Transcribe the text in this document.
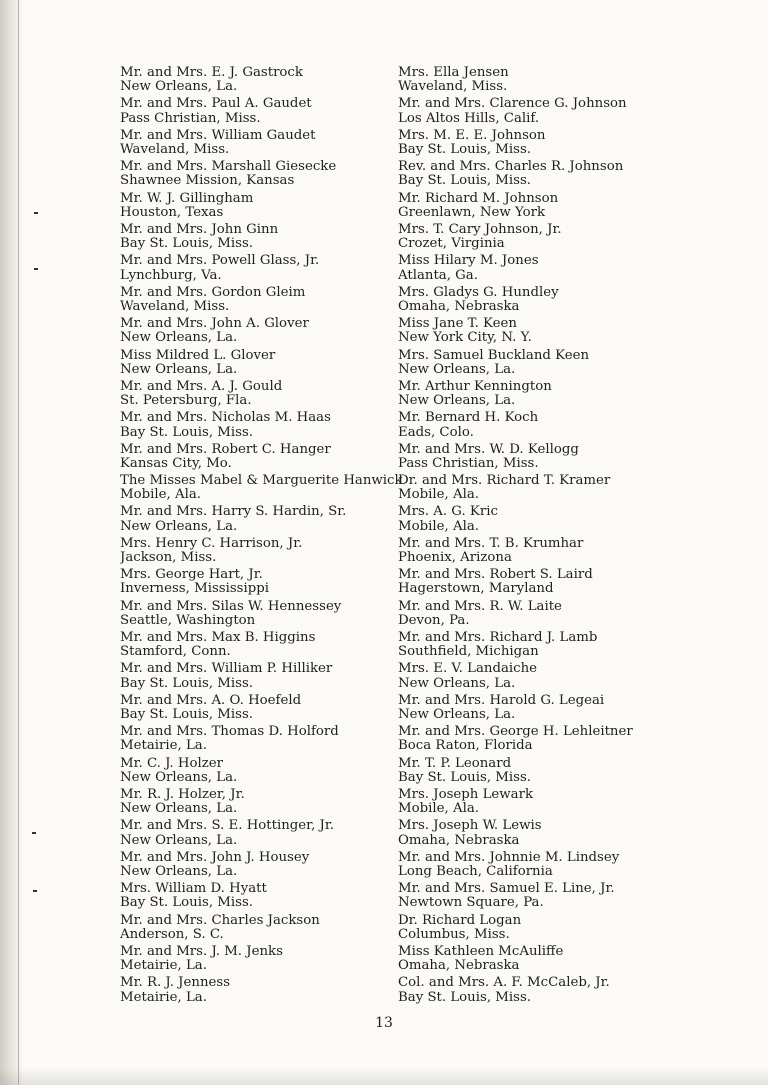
Mr. and Mrs. E. J. Gastrock
New Orleans, La.
Mr. and Mrs. Paul A. Gaudet
Pass Christian, Miss.
Mr. and Mrs. William Gaudet
Waveland, Miss.
Mr. and Mrs. Marshall Giesecke
Shawnee Mission, Kansas
Mr. W. J. Gillingham
Houston, Texas
Mr. and Mrs. John Ginn
Bay St. Louis, Miss.
Mr. and Mrs. Powell Glass, Jr.
Lynchburg, Va.
Mr. and Mrs. Gordon Gleim
Waveland, Miss.
Mr. and Mrs. John A. Glover
New Orleans, La.
Miss Mildred L. Glover
New Orleans, La.
Mr. and Mrs. A. J. Gould
St. Petersburg, Fla.
Mr. and Mrs. Nicholas M. Haas
Bay St. Louis, Miss.
Mr. and Mrs. Robert C. Hanger
Kansas City, Mo.
The Misses Mabel & Marguerite Hanwick
Mobile, Ala.
Mr. and Mrs. Harry S. Hardin, Sr.
New Orleans, La.
Mrs. Henry C. Harrison, Jr.
Jackson, Miss.
Mrs. George Hart, Jr.
Inverness, Mississippi
Mr. and Mrs. Silas W. Hennessey
Seattle, Washington
Mr. and Mrs. Max B. Higgins
Stamford, Conn.
Mr. and Mrs. William P. Hilliker
Bay St. Louis, Miss.
Mr. and Mrs. A. O. Hoefeld
Bay St. Louis, Miss.
Mr. and Mrs. Thomas D. Holford
Metairie, La.
Mr. C. J. Holzer
New Orleans, La.
Mr. R. J. Holzer, Jr.
New Orleans, La.
Mr. and Mrs. S. E. Hottinger, Jr.
New Orleans, La.
Mr. and Mrs. John J. Housey
New Orleans, La.
Mrs. William D. Hyatt
Bay St. Louis, Miss.
Mr. and Mrs. Charles Jackson
Anderson, S. C.
Mr. and Mrs. J. M. Jenks
Metairie, La.
Mr. R. J. Jenness
Metairie, La.
Mrs. Ella Jensen
Waveland, Miss.
Mr. and Mrs. Clarence G. Johnson
Los Altos Hills, Calif.
Mrs. M. E. E. Johnson
Bay St. Louis, Miss.
Rev. and Mrs. Charles R. Johnson
Bay St. Louis, Miss.
Mr. Richard M. Johnson
Greenlawn, New York
Mrs. T. Cary Johnson, Jr.
Crozet, Virginia
Miss Hilary M. Jones
Atlanta, Ga.
Mrs. Gladys G. Hundley
Omaha, Nebraska
Miss Jane T. Keen
New York City, N. Y.
Mrs. Samuel Buckland Keen
New Orleans, La.
Mr. Arthur Kennington
New Orleans, La.
Mr. Bernard H. Koch
Eads, Colo.
Mr. and Mrs. W. D. Kellogg
Pass Christian, Miss.
Dr. and Mrs. Richard T. Kramer
Mobile, Ala.
Mrs. A. G. Kric
Mobile, Ala.
Mr. and Mrs. T. B. Krumhar
Phoenix, Arizona
Mr. and Mrs. Robert S. Laird
Hagerstown, Maryland
Mr. and Mrs. R. W. Laite
Devon, Pa.
Mr. and Mrs. Richard J. Lamb
Southfield, Michigan
Mrs. E. V. Landaiche
New Orleans, La.
Mr. and Mrs. Harold G. Legeai
New Orleans, La.
Mr. and Mrs. George H. Lehleitner
Boca Raton, Florida
Mr. T. P. Leonard
Bay St. Louis, Miss.
Mrs. Joseph Lewark
Mobile, Ala.
Mrs. Joseph W. Lewis
Omaha, Nebraska
Mr. and Mrs. Johnnie M. Lindsey
Long Beach, California
Mr. and Mrs. Samuel E. Line, Jr.
Newtown Square, Pa.
Dr. Richard Logan
Columbus, Miss.
Miss Kathleen McAuliffe
Omaha, Nebraska
Col. and Mrs. A. F. McCaleb, Jr.
Bay St. Louis, Miss.
13
